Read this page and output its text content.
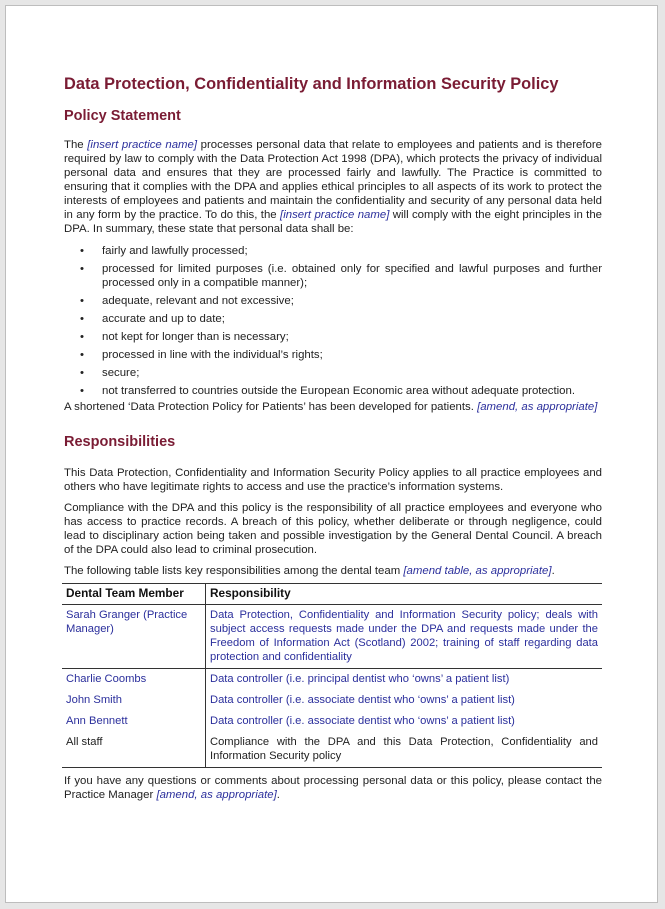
Data Protection, Confidentiality and Information Security Policy
Policy Statement

The [insert practice name] processes personal data that relate to employees and patients and is therefore required by law to comply with the Data Protection Act 1998 (DPA), which protects the privacy of individual personal data and ensures that they are processed fairly and lawfully. The Practice is committed to ensuring that it complies with the DPA and applies ethical principles to all aspects of its work to protect the interests of employees and patients and maintain the confidentiality and security of any personal data held in any form by the practice. To do this, the [insert practice name] will comply with the eight principles in the DPA. In summary, these state that personal data shall be:

• fairly and lawfully processed;
• processed for limited purposes (i.e. obtained only for specified and lawful purposes and further processed only in a compatible manner);
• adequate, relevant and not excessive;
• accurate and up to date;
• not kept for longer than is necessary;
• processed in line with the individual’s rights;
• secure;
• not transferred to countries outside the European Economic area without adequate protection.

A shortened ‘Data Protection Policy for Patients’ has been developed for patients. [amend, as appropriate]

Responsibilities

This Data Protection, Confidentiality and Information Security Policy applies to all practice employees and others who have legitimate rights to access and use the practice’s information systems.

Compliance with the DPA and this policy is the responsibility of all practice employees and everyone who has access to practice records. A breach of this policy, whether deliberate or through negligence, could lead to disciplinary action being taken and possible investigation by the General Dental Council. A breach of the DPA could also lead to criminal prosecution.

The following table lists key responsibilities among the dental team [amend table, as appropriate].

Dental Team Member	Responsibility
Sarah Granger (Practice Manager)	Data Protection, Confidentiality and Information Security policy; deals with subject access requests made under the DPA and requests made under the Freedom of Information Act (Scotland) 2002; training of staff regarding data protection and confidentiality
Charlie Coombs	Data controller (i.e. principal dentist who ‘owns’ a patient list)
John Smith	Data controller (i.e. associate dentist who ‘owns’ a patient list)
Ann Bennett	Data controller (i.e. associate dentist who ‘owns’ a patient list)
All staff	Compliance with the DPA and this Data Protection, Confidentiality and Information Security policy

If you have any questions or comments about processing personal data or this policy, please contact the Practice Manager [amend, as appropriate].
